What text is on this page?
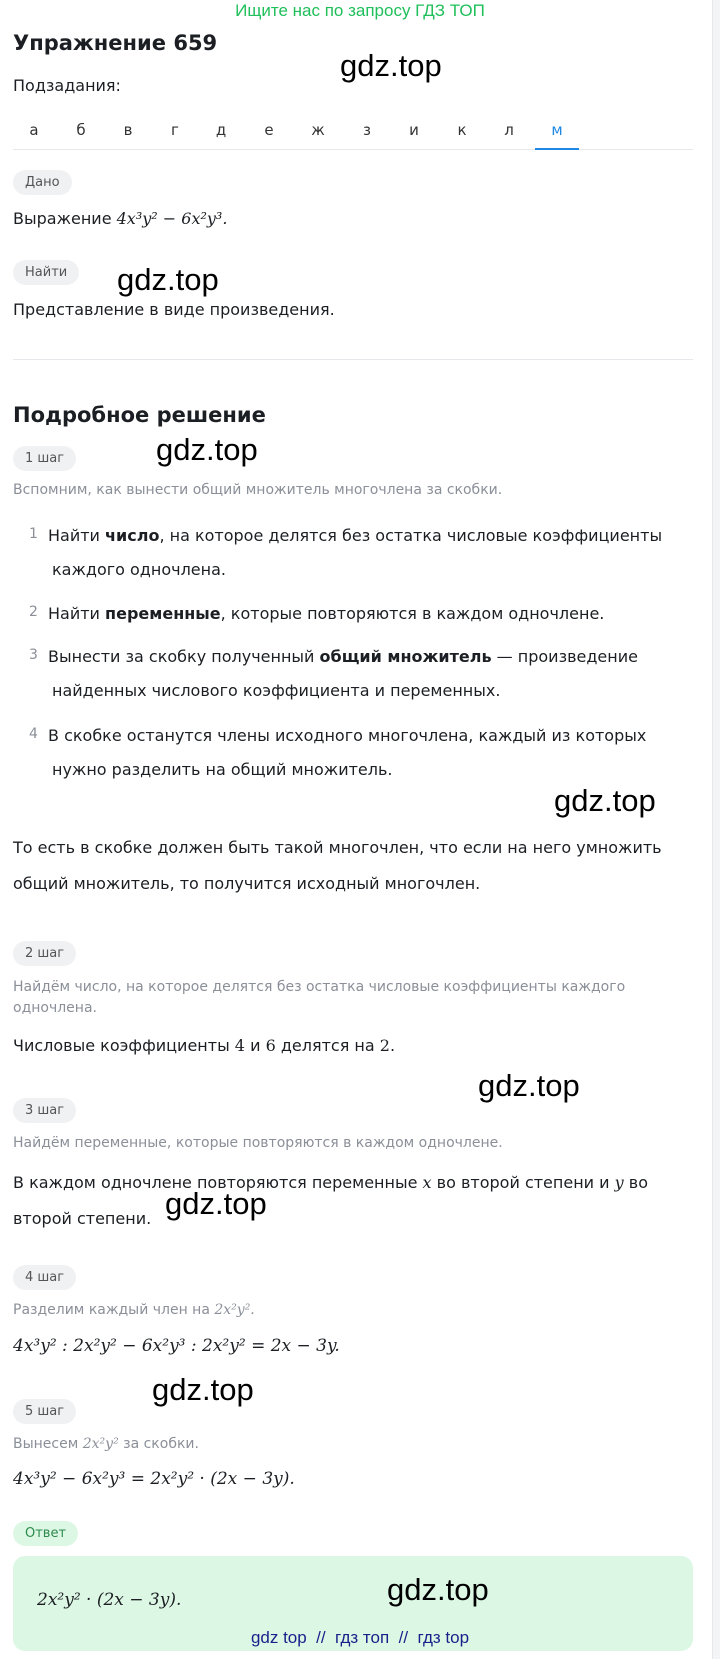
Ищите нас по запросу ГДЗ ТОП
Упражнение 659
Подзадания:
а	б	в	г	д	е	ж	з	и	к	л	м
Дано
Выражение 4x³y² − 6x²y³.
Найти
Представление в виде произведения.
Подробное решение
1 шаг
Вспомним, как вынести общий множитель многочлена за скобки.
1 Найти число, на которое делятся без остатка числовые коэффициенты
каждого одночлена.
2 Найти переменные, которые повторяются в каждом одночлене.
3 Вынести за скобку полученный общий множитель — произведение
найденных числового коэффициента и переменных.
4 В скобке останутся члены исходного многочлена, каждый из которых
нужно разделить на общий множитель.
То есть в скобке должен быть такой многочлен, что если на него умножить
общий множитель, то получится исходный многочлен.
2 шаг
Найдём число, на которое делятся без остатка числовые коэффициенты каждого
одночлена.
Числовые коэффициенты 4 и 6 делятся на 2.
3 шаг
Найдём переменные, которые повторяются в каждом одночлене.
В каждом одночлене повторяются переменные x во второй степени и y во
второй степени.
4 шаг
Разделим каждый член на 2x²y².
4x³y² : 2x²y² − 6x²y³ : 2x²y² = 2x − 3y.
5 шаг
Вынесем 2x²y² за скобки.
4x³y² − 6x²y³ = 2x²y² · (2x − 3y).
Ответ
2x²y² · (2x − 3y).
gdz.top
gdz.top
gdz.top
gdz.top
gdz.top
gdz.top
gdz.top
gdz.top
gdz top  //  гдз топ  //  гдз top
